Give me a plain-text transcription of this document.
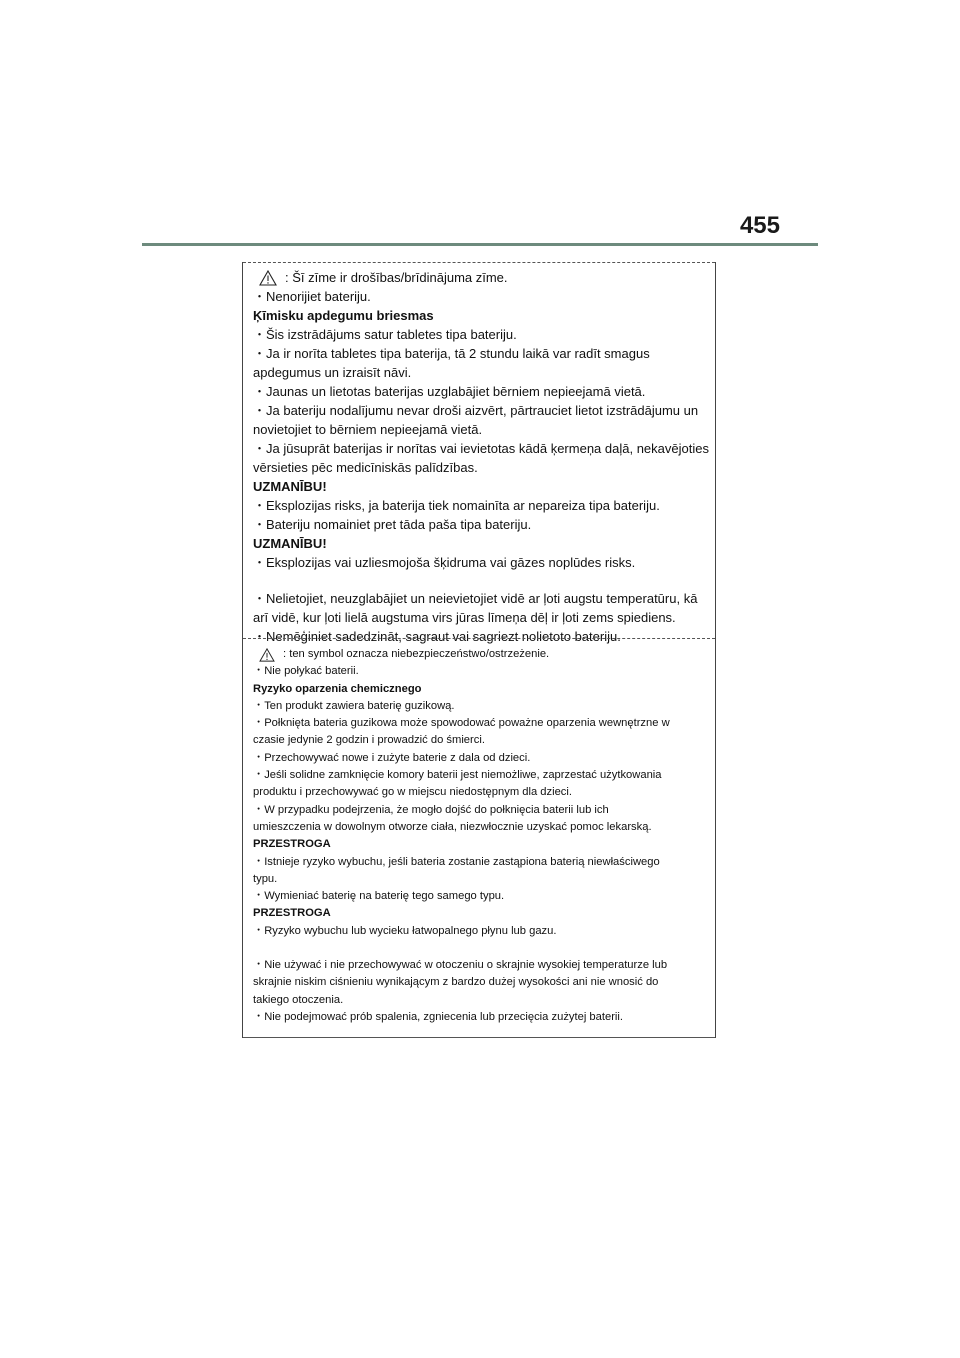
455
: Šī zīme ir drošības/brīdinājuma zīme.
・Nenorijiet bateriju.
Ķīmisku apdegumu briesmas
・Šis izstrādājums satur tabletes tipa bateriju.
・Ja ir norīta tabletes tipa baterija, tā 2 stundu laikā var radīt smagus
apdegumus un izraisīt nāvi.
・Jaunas un lietotas baterijas uzglabājiet bērniem nepieejamā vietā.
・Ja bateriju nodalījumu nevar droši aizvērt, pārtrauciet lietot izstrādājumu un
novietojiet to bērniem nepieejamā vietā.
・Ja jūsuprāt baterijas ir norītas vai ievietotas kādā ķermeņa daļā, nekavējoties
vērsieties pēc medicīniskās palīdzības.
UZMANĪBU!
・Eksplozijas risks, ja baterija tiek nomainīta ar nepareiza tipa bateriju.
・Bateriju nomainiet pret tāda paša tipa bateriju.
UZMANĪBU!
・Eksplozijas vai uzliesmojoša šķidruma vai gāzes noplūdes risks.
・Nelietojiet, neuzglabājiet un neievietojiet vidē ar ļoti augstu temperatūru, kā
arī vidē, kur ļoti lielā augstuma virs jūras līmeņa dēļ ir ļoti zems spiediens.
・Nemēģiniet sadedzināt, sagraut vai sagriezt nolietoto bateriju.
: ten symbol oznacza niebezpieczeństwo/ostrzeżenie.
・Nie połykać baterii.
Ryzyko oparzenia chemicznego
・Ten produkt zawiera baterię guzikową.
・Połknięta bateria guzikowa może spowodować poważne oparzenia wewnętrzne w
czasie jedynie 2 godzin i prowadzić do śmierci.
・Przechowywać nowe i zużyte baterie z dala od dzieci.
・Jeśli solidne zamknięcie komory baterii jest niemożliwe, zaprzestać użytkowania
produktu i przechowywać go w miejscu niedostępnym dla dzieci.
・W przypadku podejrzenia, że mogło dojść do połknięcia baterii lub ich
umieszczenia w dowolnym otworze ciała, niezwłocznie uzyskać pomoc lekarską.
PRZESTROGA
・Istnieje ryzyko wybuchu, jeśli bateria zostanie zastąpiona baterią niewłaściwego
typu.
・Wymieniać baterię na baterię tego samego typu.
PRZESTROGA
・Ryzyko wybuchu lub wycieku łatwopalnego płynu lub gazu.
・Nie używać i nie przechowywać w otoczeniu o skrajnie wysokiej temperaturze lub
skrajnie niskim ciśnieniu wynikającym z bardzo dużej wysokości ani nie wnosić do
takiego otoczenia.
・Nie podejmować prób spalenia, zgniecenia lub przecięcia zużytej baterii.
